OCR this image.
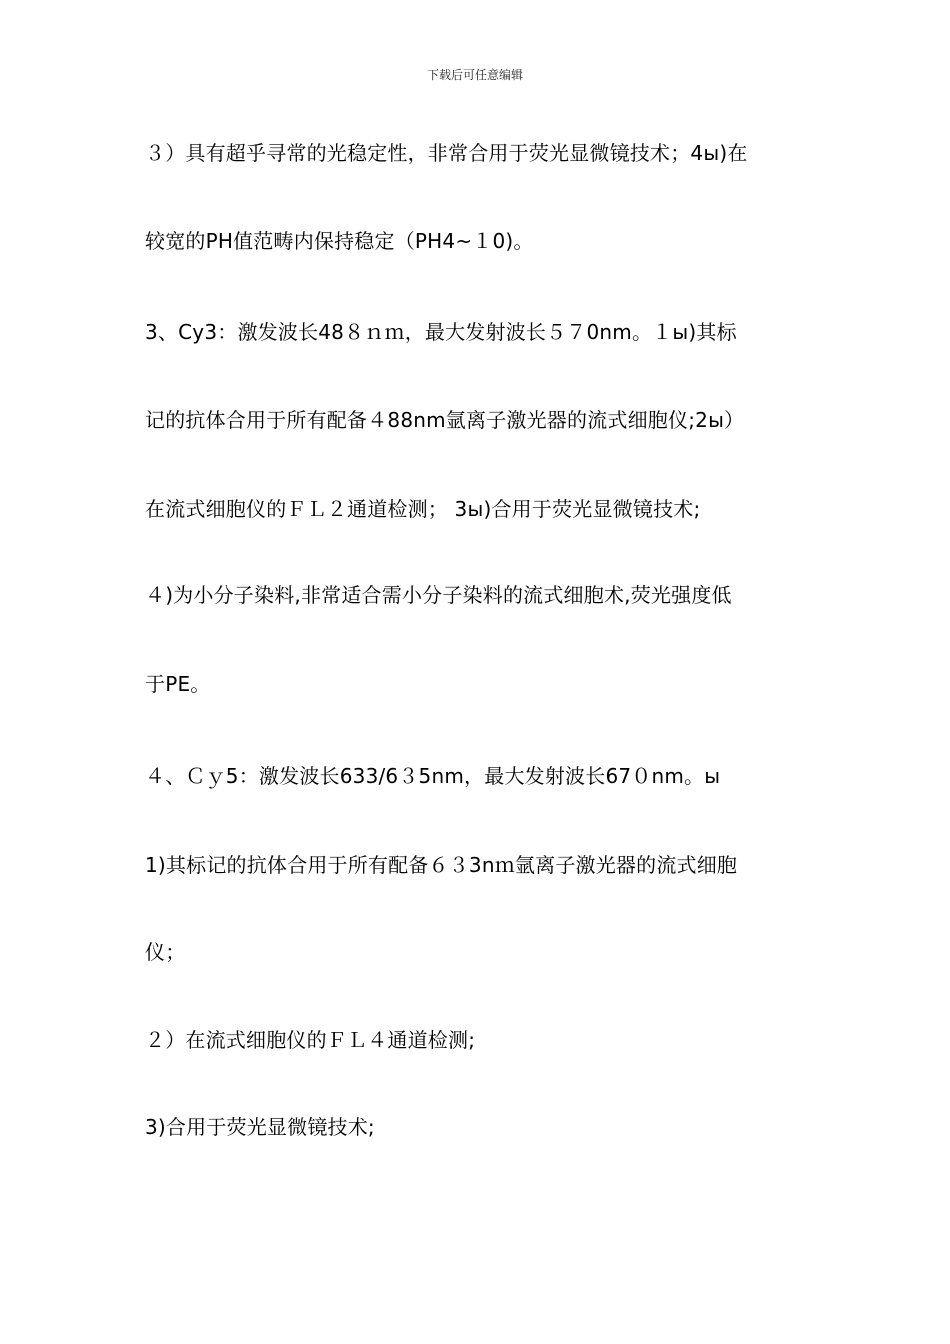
下载后可任意编辑
３）具有超乎寻常的光稳定性，非常合用于荧光显微镜技术；4ы)在
较宽的PH值范畴内保持稳定（PH4~１0)。
3、Cy3：激发波长48８ｎｍ，最大发射波长５７0nm。１ы)其标
记的抗体合用于所有配备４88nm氩离子激光器的流式细胞仪;2ы）
在流式细胞仪的ＦＬ２通道检测； 3ы)合用于荧光显微镜技术;
４)为小分子染料,非常适合需小分子染料的流式细胞术,荧光强度低
于PE。
４、Ｃｙ5：激发波长633/6３5nm，最大发射波长67０nm。ы
1)其标记的抗体合用于所有配备６３3nｍ氩离子激光器的流式细胞
仪；
２）在流式细胞仪的ＦＬ４通道检测;
3)合用于荧光显微镜技术;
